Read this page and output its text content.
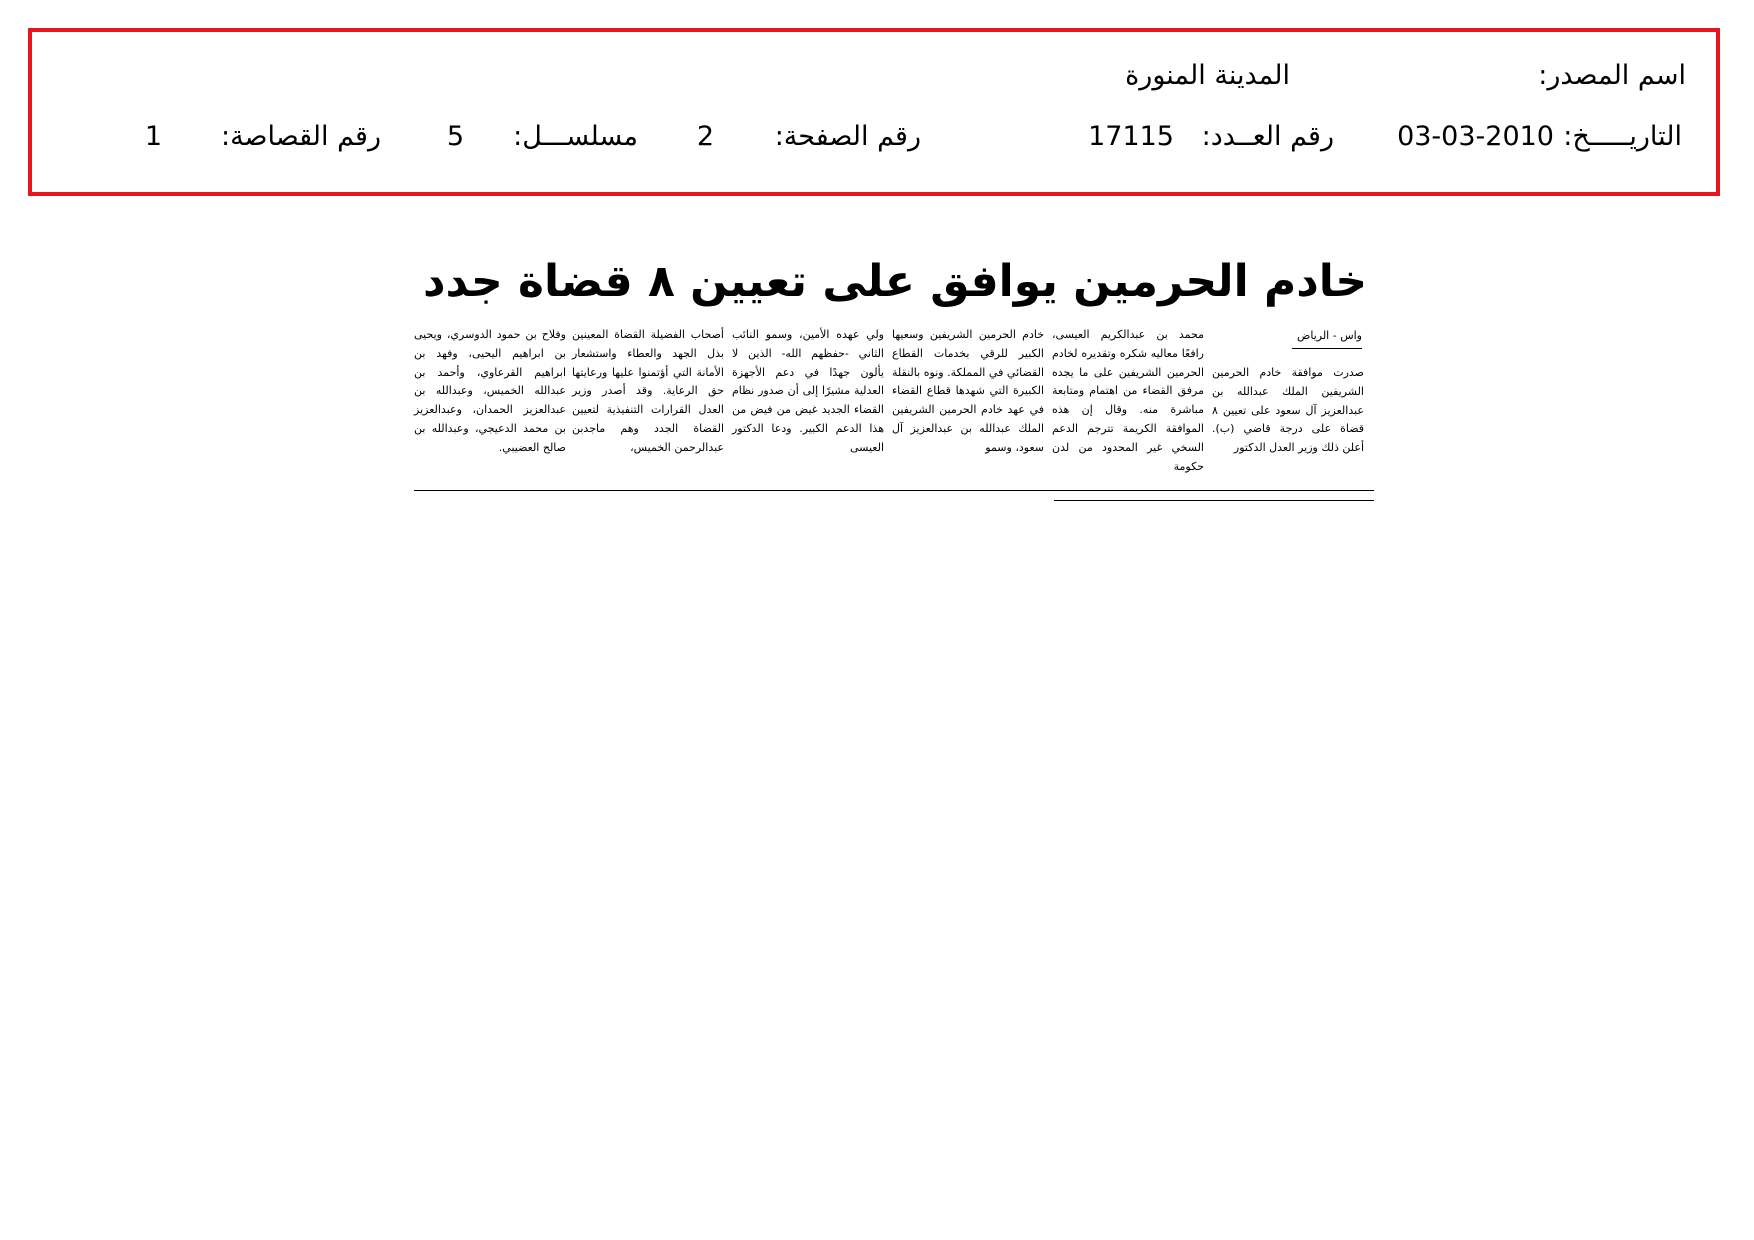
اسم المصدر:
المدينة المنورة
التاريـــــخ:
03-03-2010
رقم العــدد:
17115
رقم الصفحة:
2
مسلســـل:
5
رقم القصاصة:
1
خادم الحرمين يوافق على تعيين ٨ قضاة جدد
واس - الرياض
صدرت موافقة خادم الحرمين الشريفين الملك عبدالله بن عبدالعزيز آل سعود على تعيين ٨ قضاة على درجة قاضي (ب). أعلن ذلك وزير العدل الدكتور
محمد بن عبدالكريم العيسى، رافعًا معاليه شكره وتقديره لخادم الحرمين الشريفين على ما يجده مرفق القضاء من اهتمام ومتابعة مباشرة منه. وقال إن هذه الموافقة الكريمة تترجم الدعم السخي غير المحدود من لدن حكومة
خادم الحرمين الشريفين وسعيها الكبير للرقي بخدمات القطاع القضائي في المملكة. ونوه بالنقلة الكبيرة التي شهدها قطاع القضاء في عهد خادم الحرمين الشريفين الملك عبدالله بن عبدالعزيز آل سعود، وسمو
ولي عهده الأمين، وسمو النائب الثاني -حفظهم الله- الذين لا يألون جهدًا في دعم الأجهزة العدلية مشيرًا إلى أن صدور نظام القضاء الجديد غيض من فيض من هذا الدعم الكبير. ودعا الدكتور العيسى
أصحاب الفضيلة القضاة المعينين بذل الجهد والعطاء واستشعار الأمانة التي أؤتمنوا عليها ورعايتها حق الرعاية. وقد أصدر وزير العدل القرارات التنفيذية لتعيين القضاة الجدد وهم ماجدبن عبدالرحمن الخميس،
وفلاح بن حمود الدوسري، ويحيى بن ابراهيم اليحيى، وفهد بن ابراهيم القرعاوي، وأحمد بن عبدالله الخميس، وعبدالله بن عبدالعزيز الحمدان، وعبدالعزيز بن محمد الدعيجي، وعبدالله بن صالح العضيبي.
